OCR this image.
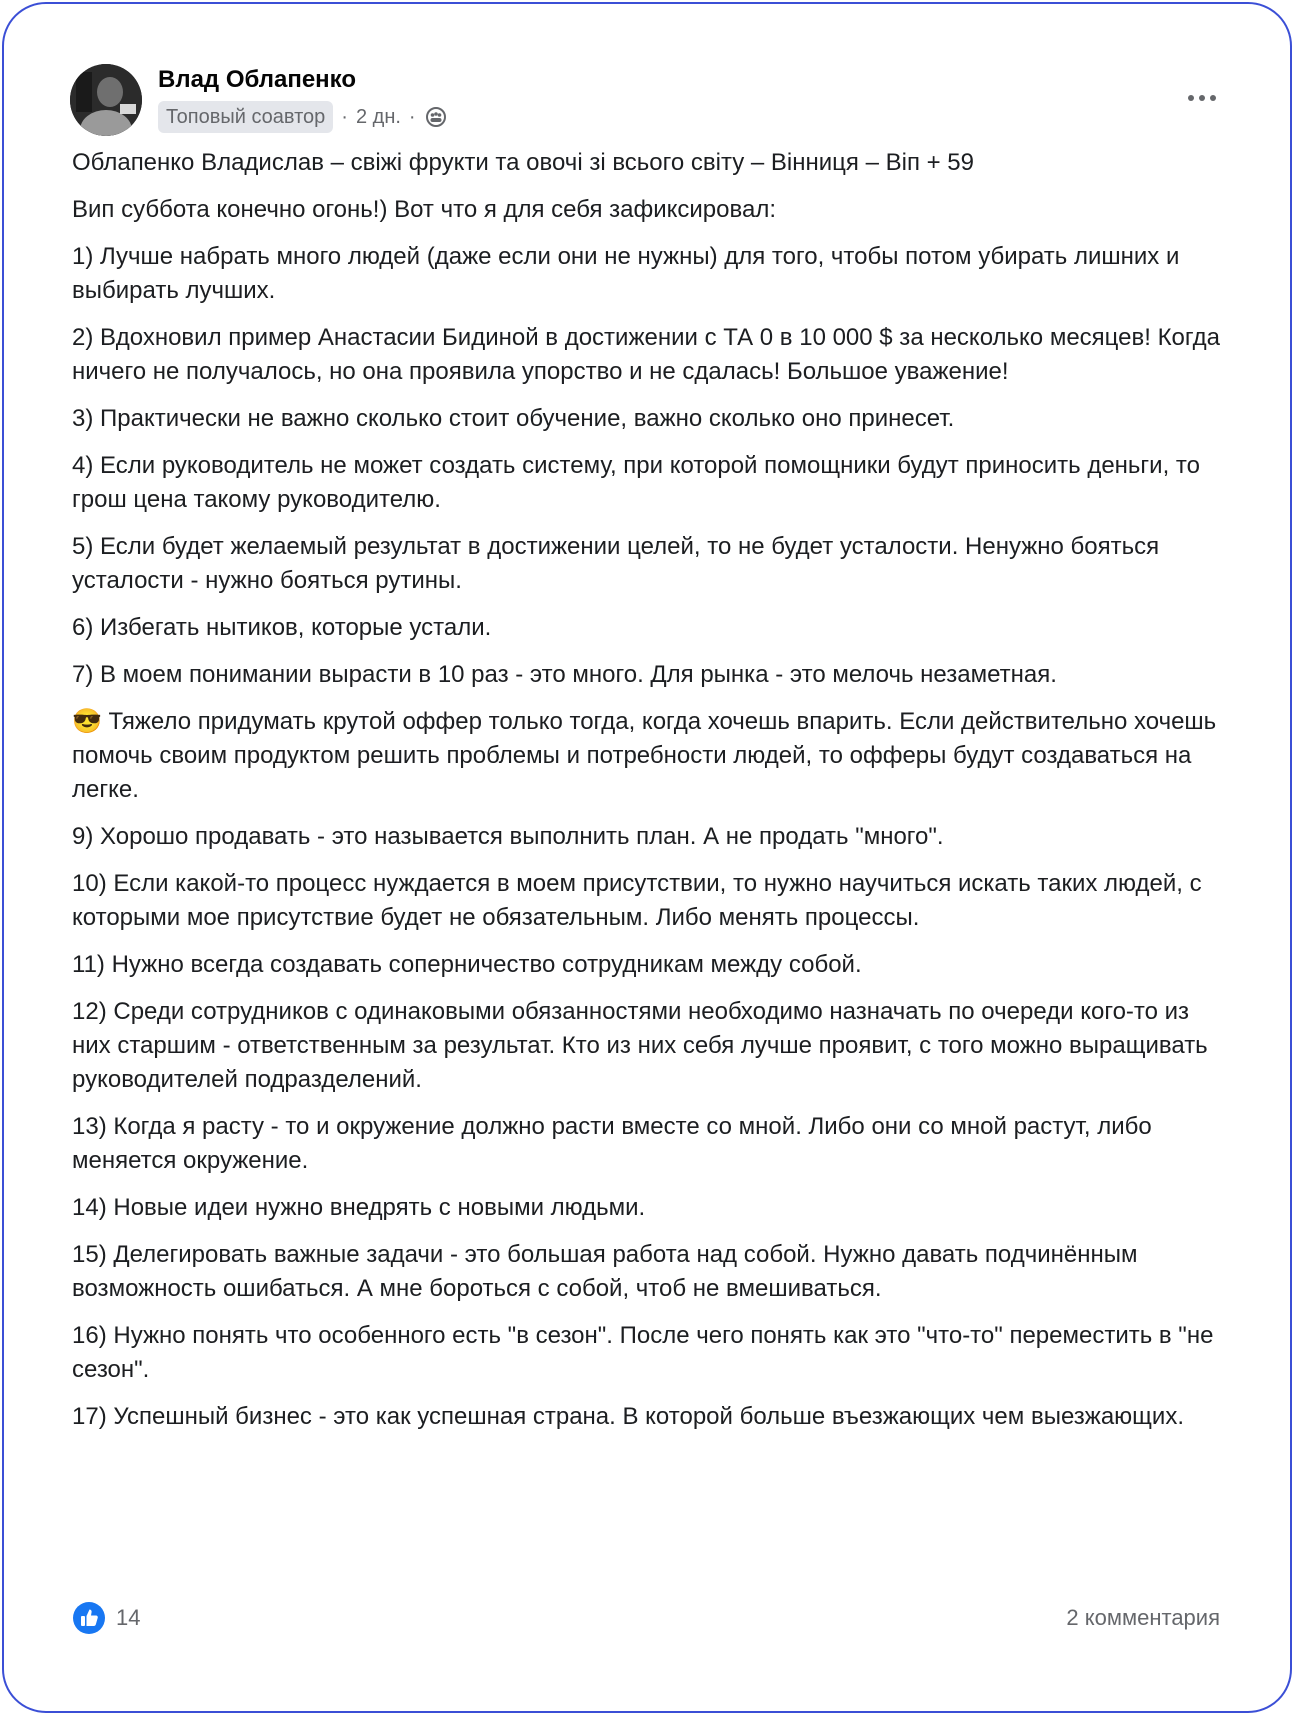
Влад Облапенко
Топовый соавтор · 2 дн. ·

Облапенко Владислав – свіжі фрукти та овочі зі всього світу – Вінниця – Віп + 59

Вип суббота конечно огонь!) Вот что я для себя зафиксировал:

1) Лучше набрать много людей (даже если они не нужны) для того, чтобы потом убирать лишних и выбирать лучших.

2) Вдохновил пример Анастасии Бидиной в достижении с ТА 0 в 10 000 $ за несколько месяцев! Когда ничего не получалось, но она проявила упорство и не сдалась! Большое уважение!

3) Практически не важно сколько стоит обучение, важно сколько оно принесет.

4) Если руководитель не может создать систему, при которой помощники будут приносить деньги, то грош цена такому руководителю.

5) Если будет желаемый результат в достижении целей, то не будет усталости. Ненужно бояться усталости - нужно бояться рутины.

6) Избегать нытиков, которые устали.

7) В моем понимании вырасти в 10 раз - это много. Для рынка - это мелочь незаметная.

😎 Тяжело придумать крутой оффер только тогда, когда хочешь впарить. Если действительно хочешь помочь своим продуктом решить проблемы и потребности людей, то офферы будут создаваться на легке.

9) Хорошо продавать - это называется выполнить план. А не продать "много".

10) Если какой-то процесс нуждается в моем присутствии, то нужно научиться искать таких людей, с которыми мое присутствие будет не обязательным. Либо менять процессы.

11) Нужно всегда создавать соперничество сотрудникам между собой.

12) Среди сотрудников с одинаковыми обязанностями необходимо назначать по очереди кого-то из них старшим - ответственным за результат. Кто из них себя лучше проявит, с того можно выращивать руководителей подразделений.

13) Когда я расту - то и окружение должно расти вместе со мной. Либо они со мной растут, либо меняется окружение.

14) Новые идеи нужно внедрять с новыми людьми.

15) Делегировать важные задачи - это большая работа над собой. Нужно давать подчинённым возможность ошибаться. А мне бороться с собой, чтоб не вмешиваться.

16) Нужно понять что особенного есть "в сезон". После чего понять как это "что-то" переместить в "не сезон".

17) Успешный бизнес - это как успешная страна. В которой больше въезжающих чем выезжающих.

14	2 комментария
